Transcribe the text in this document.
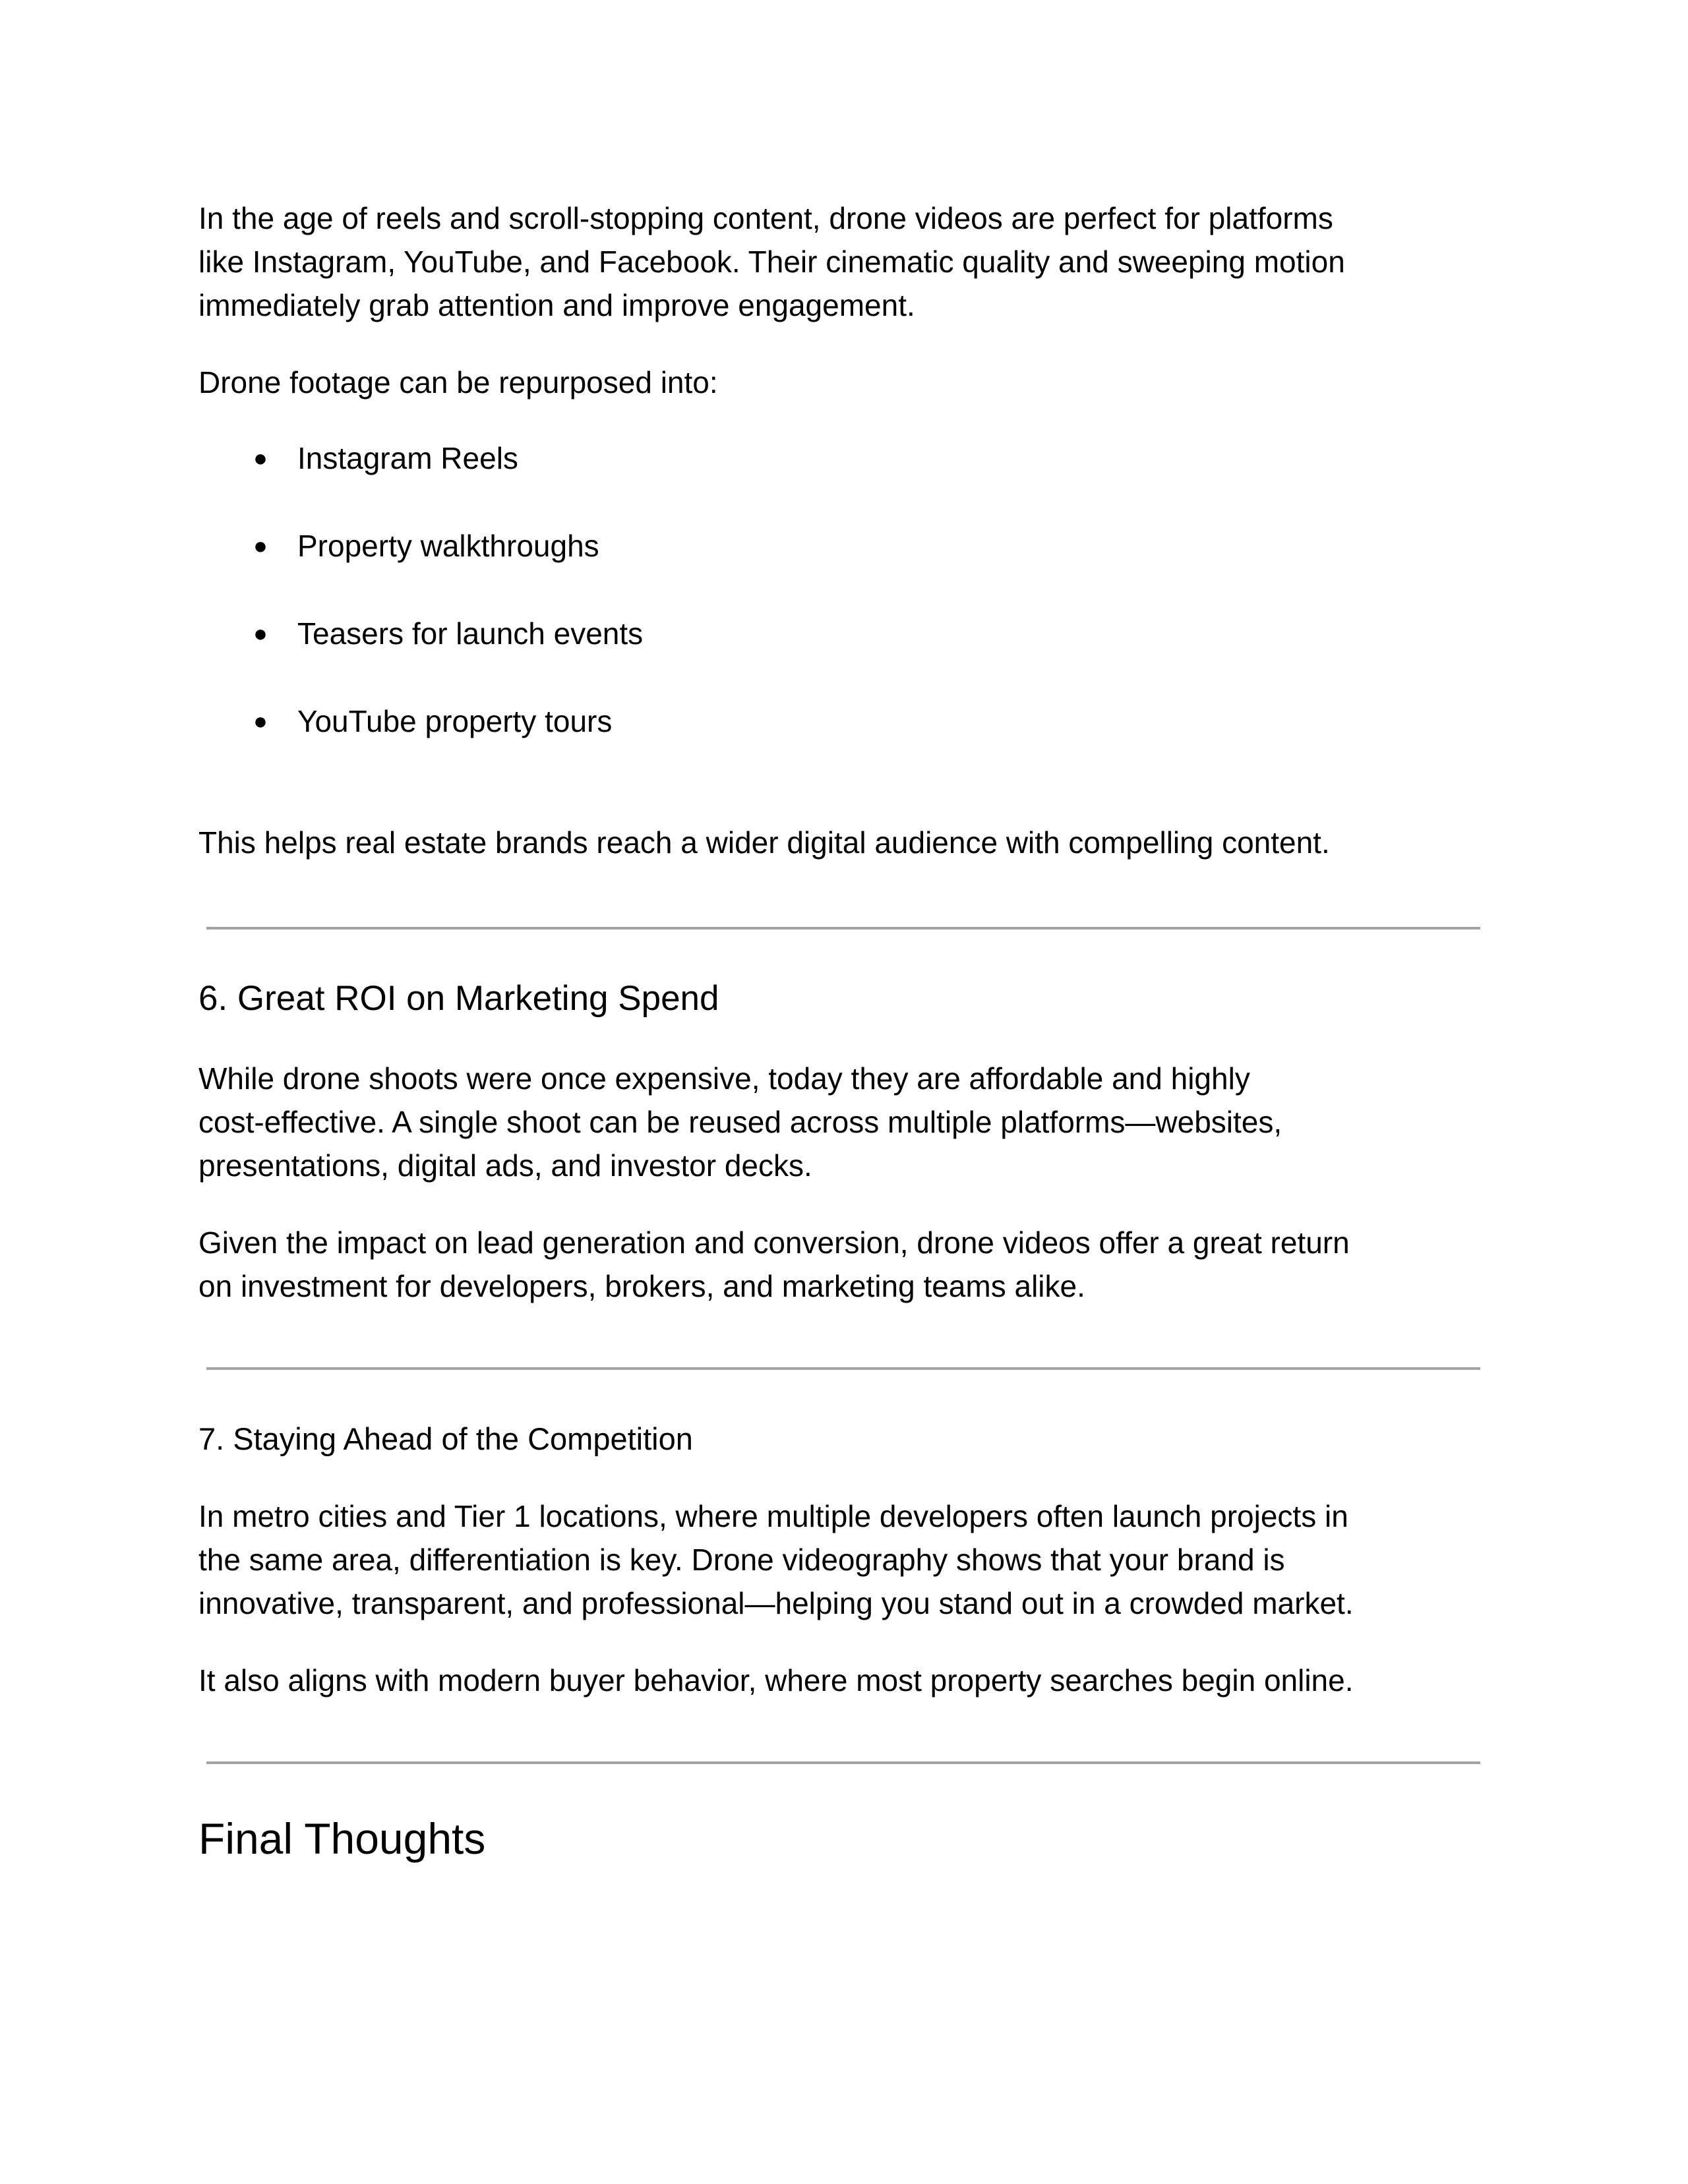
In the age of reels and scroll-stopping content, drone videos are perfect for platforms
like Instagram, YouTube, and Facebook. Their cinematic quality and sweeping motion
immediately grab attention and improve engagement.
Drone footage can be repurposed into:
● Instagram Reels
● Property walkthroughs
● Teasers for launch events
● YouTube property tours
This helps real estate brands reach a wider digital audience with compelling content.
6. Great ROI on Marketing Spend
While drone shoots were once expensive, today they are affordable and highly
cost-effective. A single shoot can be reused across multiple platforms—websites,
presentations, digital ads, and investor decks.
Given the impact on lead generation and conversion, drone videos offer a great return
on investment for developers, brokers, and marketing teams alike.
7. Staying Ahead of the Competition
In metro cities and Tier 1 locations, where multiple developers often launch projects in
the same area, differentiation is key. Drone videography shows that your brand is
innovative, transparent, and professional—helping you stand out in a crowded market.
It also aligns with modern buyer behavior, where most property searches begin online.
Final Thoughts
